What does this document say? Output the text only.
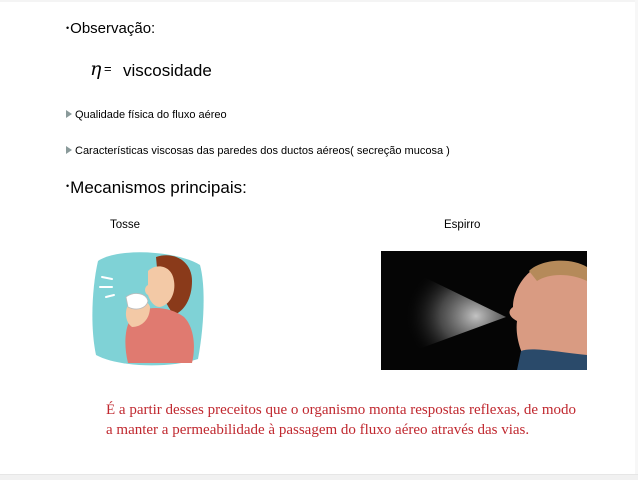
•Observação:
η = viscosidade
Qualidade física do fluxo aéreo
Características viscosas das paredes dos ductos aéreos( secreção mucosa )
•Mecanismos principais:
Tosse	Espirro
É a partir desses preceitos que o organismo monta respostas reflexas, de modo a manter a permeabilidade à passagem do fluxo aéreo através das vias.
